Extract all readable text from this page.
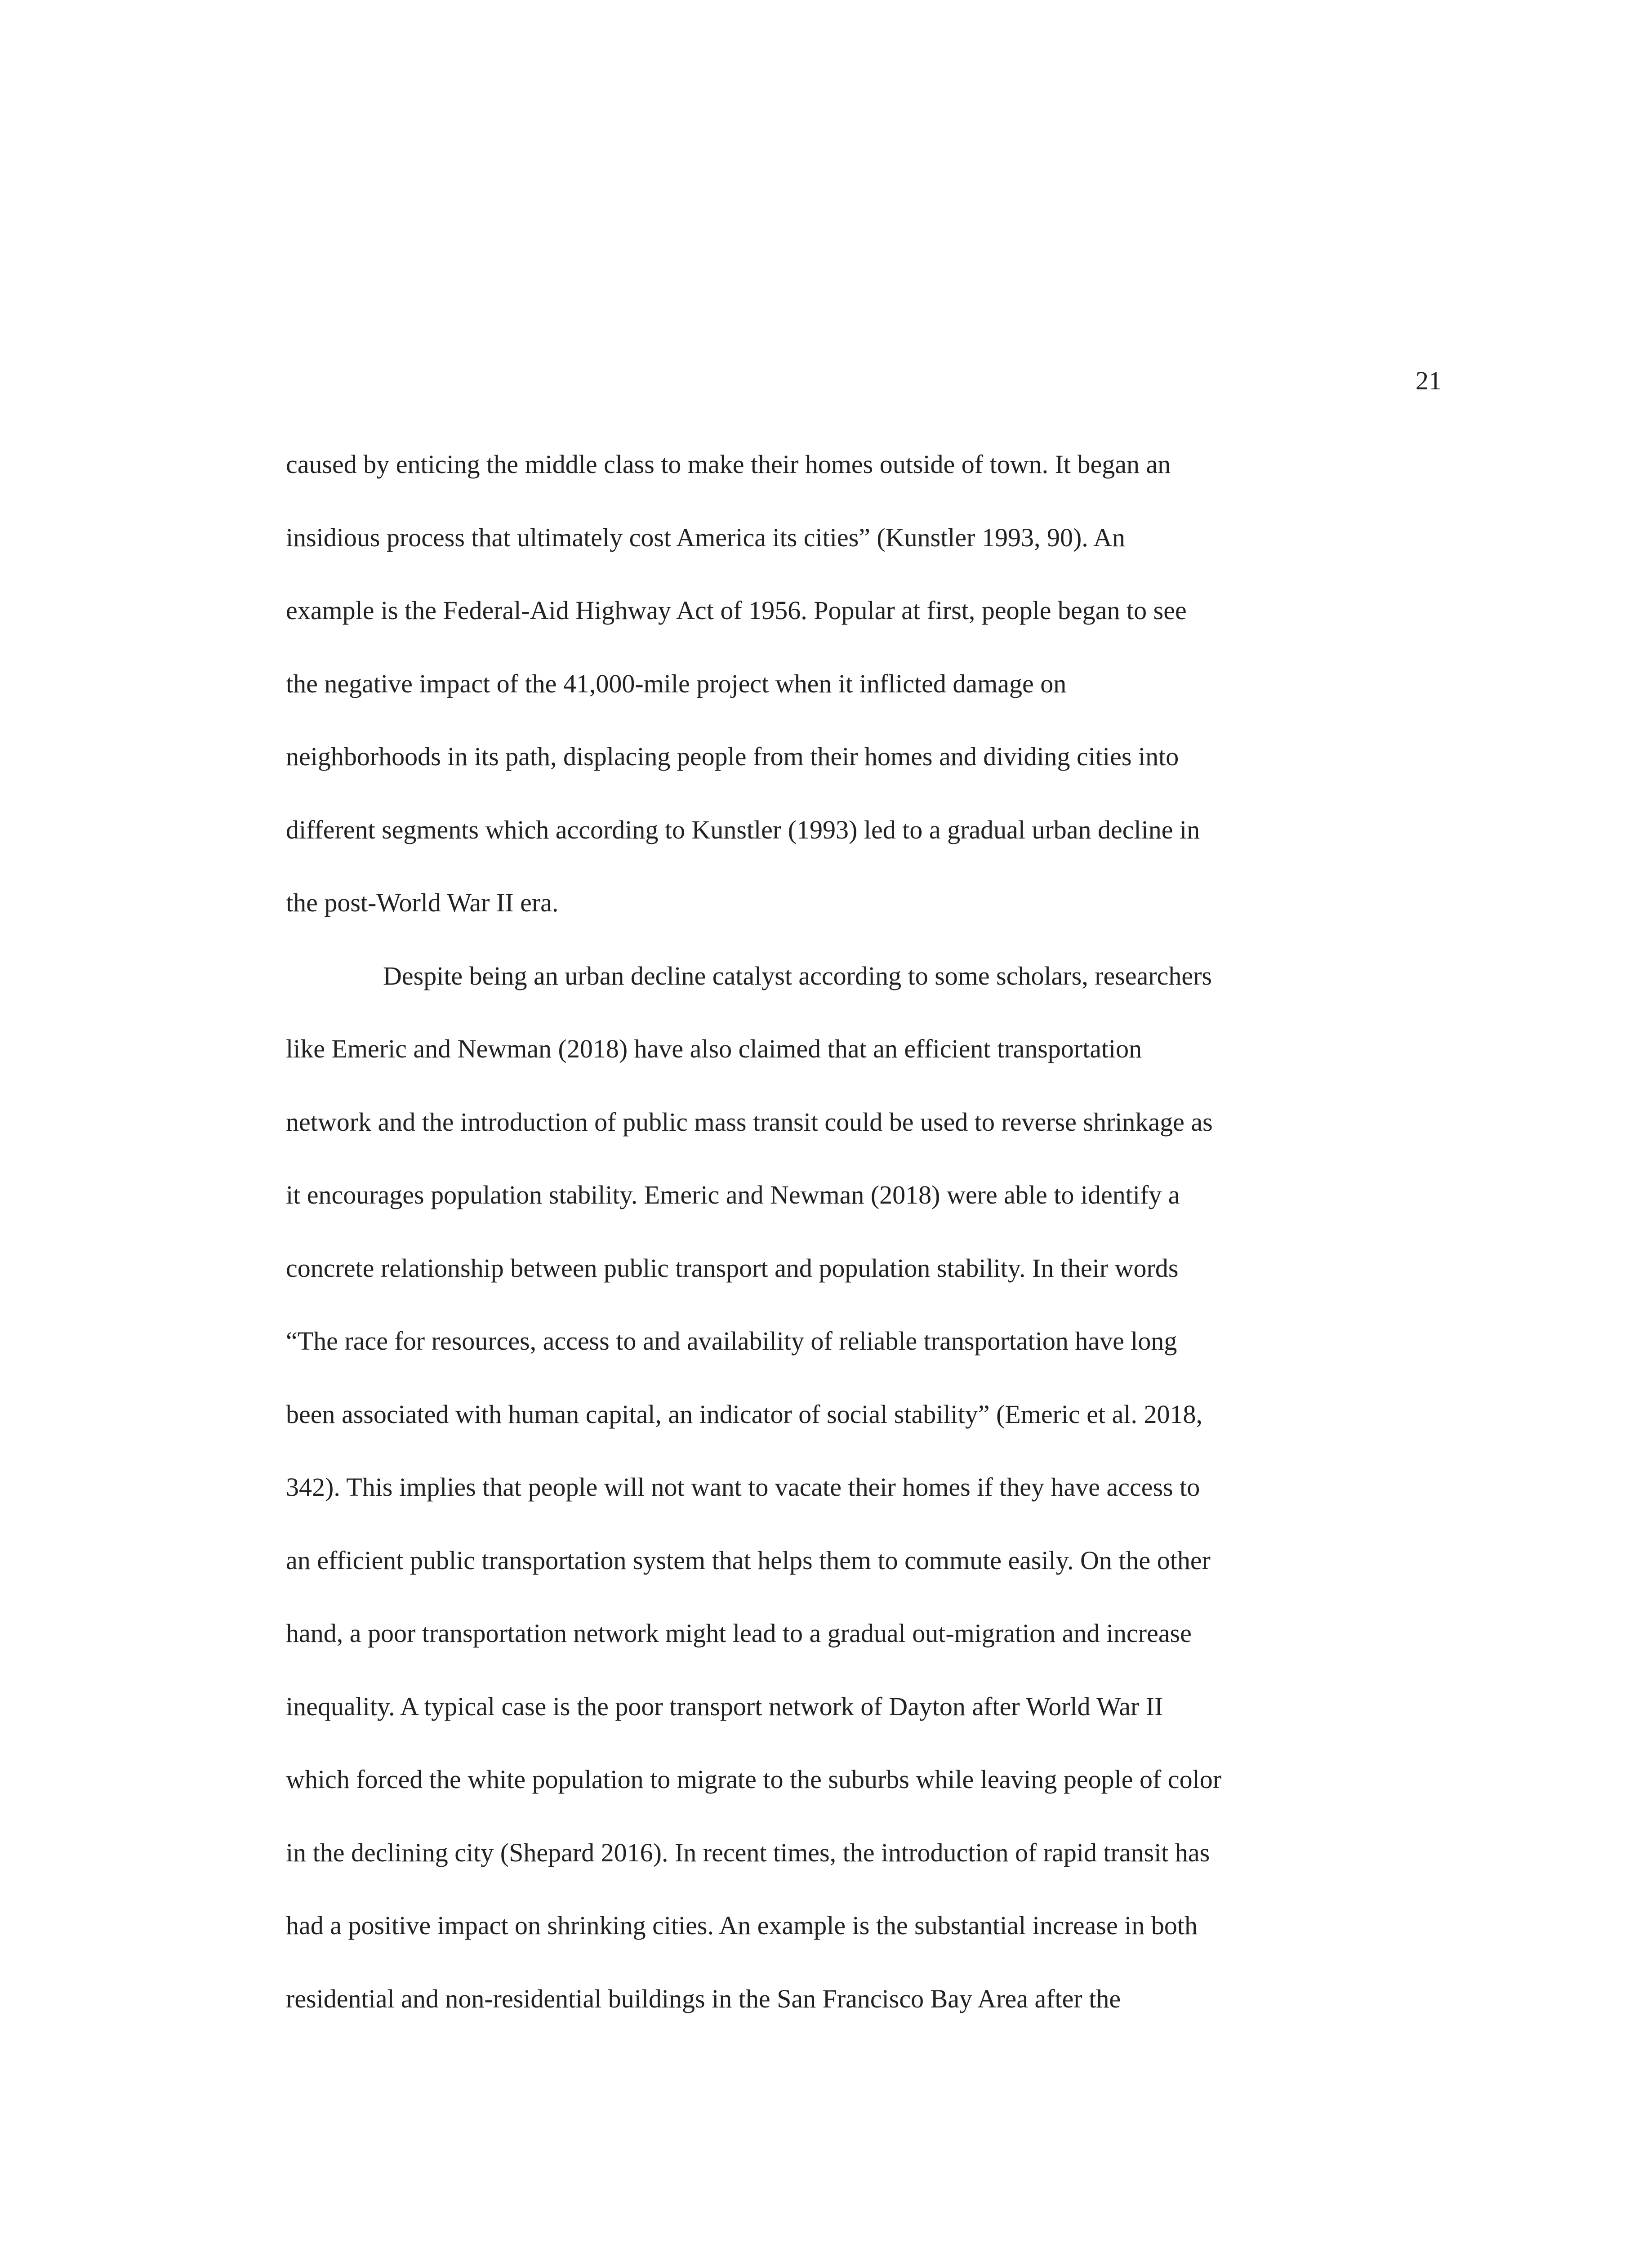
21

caused by enticing the middle class to make their homes outside of town. It began an

insidious process that ultimately cost America its cities” (Kunstler 1993, 90). An

example is the Federal-Aid Highway Act of 1956. Popular at first, people began to see

the negative impact of the 41,000-mile project when it inflicted damage on

neighborhoods in its path, displacing people from their homes and dividing cities into

different segments which according to Kunstler (1993) led to a gradual urban decline in

the post-World War II era.

Despite being an urban decline catalyst according to some scholars, researchers

like Emeric and Newman (2018) have also claimed that an efficient transportation

network and the introduction of public mass transit could be used to reverse shrinkage as

it encourages population stability. Emeric and Newman (2018) were able to identify a

concrete relationship between public transport and population stability. In their words

“The race for resources, access to and availability of reliable transportation have long

been associated with human capital, an indicator of social stability” (Emeric et al. 2018,

342). This implies that people will not want to vacate their homes if they have access to

an efficient public transportation system that helps them to commute easily. On the other

hand, a poor transportation network might lead to a gradual out-migration and increase

inequality. A typical case is the poor transport network of Dayton after World War II

which forced the white population to migrate to the suburbs while leaving people of color

in the declining city (Shepard 2016). In recent times, the introduction of rapid transit has

had a positive impact on shrinking cities. An example is the substantial increase in both

residential and non-residential buildings in the San Francisco Bay Area after the
